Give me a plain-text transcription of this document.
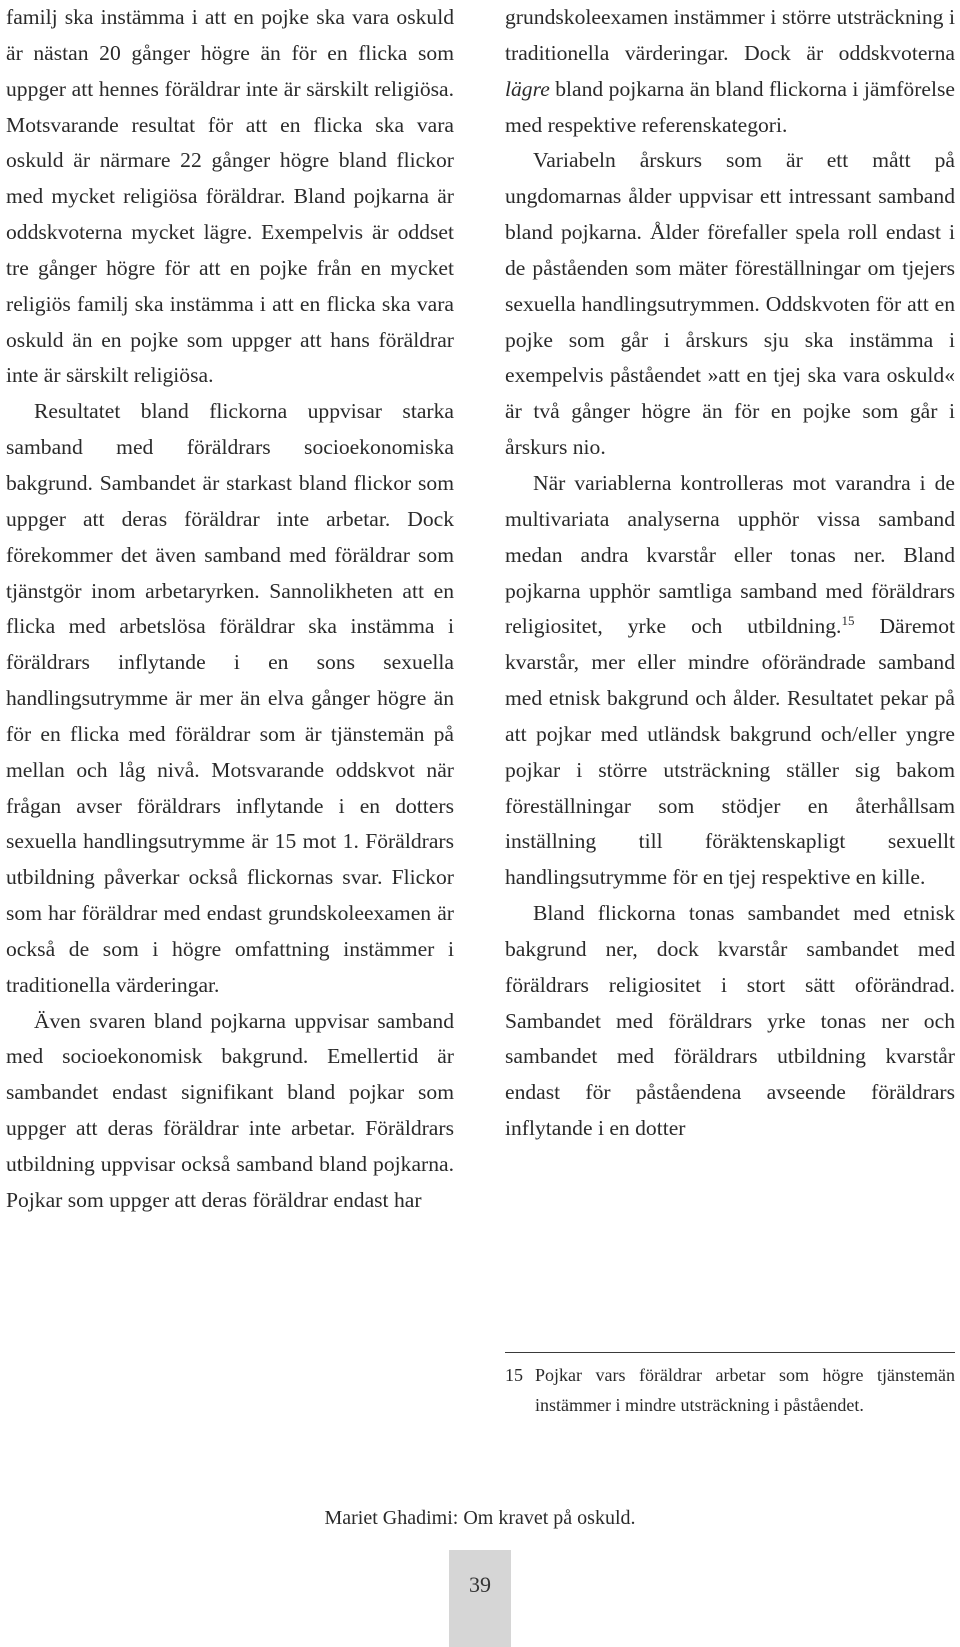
familj ska instämma i att en pojke ska vara oskuld är nästan 20 gånger högre än för en flicka som uppger att hennes föräldrar inte är särskilt religiösa. Motsvarande resultat för att en flicka ska vara oskuld är närmare 22 gånger högre bland flickor med mycket religiösa föräldrar. Bland pojkarna är oddskvoterna mycket lägre. Exempelvis är oddset tre gånger högre för att en pojke från en mycket religiös familj ska instämma i att en flicka ska vara oskuld än en pojke som uppger att hans föräldrar inte är särskilt religiösa.

Resultatet bland flickorna uppvisar starka samband med föräldrars socioekonomiska bakgrund. Sambandet är starkast bland flickor som uppger att deras föräldrar inte arbetar. Dock förekommer det även samband med föräldrar som tjänstgör inom arbetaryrken. Sannolikheten att en flicka med arbetslösa föräldrar ska instämma i föräldrars inflytande i en sons sexuella handlingsutrymme är mer än elva gånger högre än för en flicka med föräldrar som är tjänstemän på mellan och låg nivå. Motsvarande oddskvot när frågan avser föräldrars inflytande i en dotters sexuella handlingsutrymme är 15 mot 1. Föräldrars utbildning påverkar också flickornas svar. Flickor som har föräldrar med endast grundskoleexamen är också de som i högre omfattning instämmer i traditionella värderingar.

Även svaren bland pojkarna uppvisar samband med socioekonomisk bakgrund. Emellertid är sambandet endast signifikant bland pojkar som uppger att deras föräldrar inte arbetar. Föräldrars utbildning uppvisar också samband bland pojkarna. Pojkar som uppger att deras föräldrar endast har

grundskoleexamen instämmer i större utsträckning i traditionella värderingar. Dock är oddskvoterna lägre bland pojkarna än bland flickorna i jämförelse med respektive referenskategori.

Variabeln årskurs som är ett mått på ungdomarnas ålder uppvisar ett intressant samband bland pojkarna. Ålder förefaller spela roll endast i de påståenden som mäter föreställningar om tjejers sexuella handlingsutrymmen. Oddskvoten för att en pojke som går i årskurs sju ska instämma i exempelvis påståendet »att en tjej ska vara oskuld« är två gånger högre än för en pojke som går i årskurs nio.

När variablerna kontrolleras mot varandra i de multivariata analyserna upphör vissa samband medan andra kvarstår eller tonas ner. Bland pojkarna upphör samtliga samband med föräldrars religiositet, yrke och utbildning.$^{15}$ Däremot kvarstår, mer eller mindre oförändrade samband med etnisk bakgrund och ålder. Resultatet pekar på att pojkar med utländsk bakgrund och/eller yngre pojkar i större utsträckning ställer sig bakom föreställningar som stödjer en återhållsam inställning till föräktenskapligt sexuellt handlingsutrymme för en tjej respektive en kille.

Bland flickorna tonas sambandet med etnisk bakgrund ner, dock kvarstår sambandet med föräldrars religiositet i stort sätt oförändrad. Sambandet med föräldrars yrke tonas ner och sambandet med föräldrars utbildning kvarstår endast för påståendena avseende föräldrars inflytande i en dotter

15 Pojkar vars föräldrar arbetar som högre tjänstemän instämmer i mindre utsträckning i påståendet.
Mariet Ghadimi: Om kravet på oskuld.
39
